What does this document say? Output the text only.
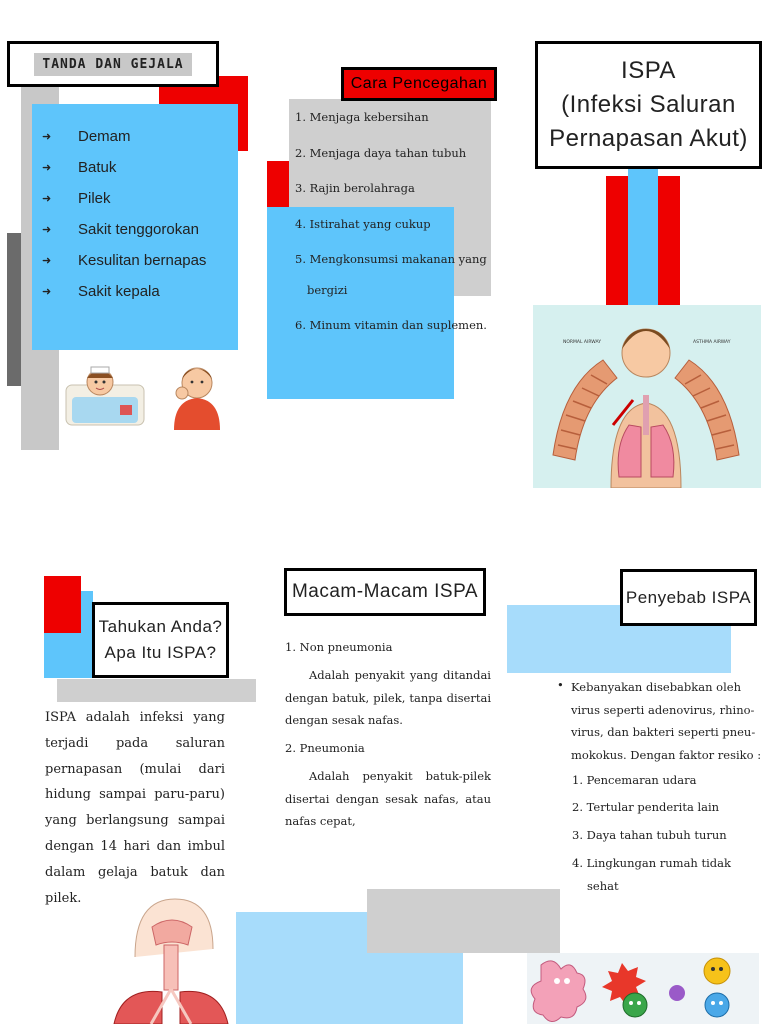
TANDA DAN GEJALA
➜	Demam
➜	Batuk
➜	Pilek
➜	Sakit tenggorokan
➜	Kesulitan bernapas
➜	Sakit kepala
Cara Pencegahan
1. Menjaga kebersihan
2. Menjaga daya tahan tubuh
3. Rajin berolahraga
4. Istirahat yang cukup
5. Mengkonsumsi makanan yang
bergizi
6. Minum vitamin dan suplemen.
ISPA
(Infeksi Saluran
Pernapasan Akut)
NORMAL AIRWAY	ASTHMA AIRWAY
Tahukan Anda?
Apa Itu ISPA?
ISPA adalah infeksi yang terjadi pada saluran pernapasan (mulai dari hidung sampai paru-paru) yang berlangsung sampai dengan 14 hari dan imbul dalam gelaja batuk dan pilek.
Macam-Macam ISPA
1. Non pneumonia
Adalah penyakit yang ditandai dengan batuk, pilek, tanpa disertai dengan sesak nafas.
2. Pneumonia
Adalah penyakit batuk-pilek disertai dengan sesak nafas, atau nafas cepat,
Penyebab ISPA
• Kebanyakan disebabkan oleh virus seperti adenovirus, rhino-virus, dan bakteri seperti pneu-mokokus. Dengan faktor resiko :
1. Pencemaran udara
2. Tertular penderita lain
3. Daya tahan tubuh turun
4. Lingkungan rumah tidak
sehat
